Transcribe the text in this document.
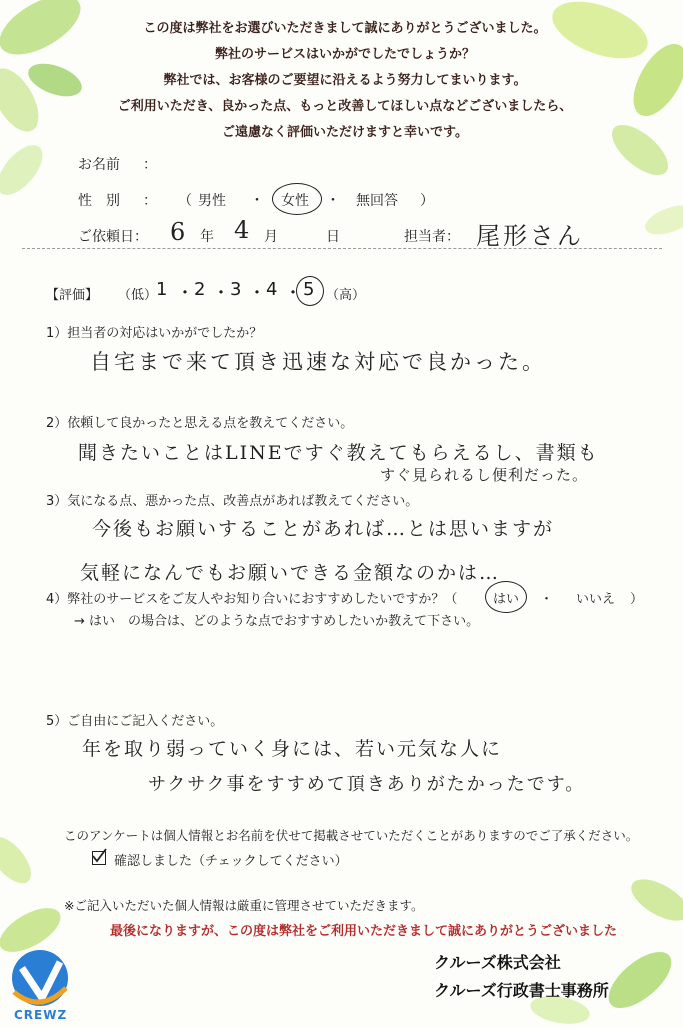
この度は弊社をお選びいただきまして誠にありがとうございました。
弊社のサービスはいかがでしたでしょうか？
弊社では、お客様のご要望に沿えるよう努力してまいります。
ご利用いただき、良かった点、もっと改善してほしい点などございましたら、
ご遠慮なく評価いただけますと幸いです。
お名前 ：
性　別 ： （ 男性 ・ 女性 ・ 無回答 ）
ご依頼日： 6 年 4 月	日	担当者： 尾形さん
【評価】 （低）
1 ・ 2 ・ 3 ・ 4 ・ 5 （高）
1）担当者の対応はいかがでしたか？
自宅まで来て頂き迅速な対応で良かった。
2）依頼して良かったと思える点を教えてください。
聞きたいことはLINEですぐ教えてもらえるし、書類も
すぐ見られるし便利だった。
3）気になる点、悪かった点、改善点があれば教えてください。
今後もお願いすることがあれば…とは思いますが
気軽になんでもお願いできる金額なのかは…
4）弊社のサービスをご友人やお知り合いにおすすめしたいですか？（	はい ・ いいえ ）
→ はい　の場合は、どのような点でおすすめしたいか教えて下さい。
5）ご自由にご記入ください。
年を取り弱っていく身には、若い元気な人に
サクサク事をすすめて頂きありがたかったです。
このアンケートは個人情報とお名前を伏せて掲載させていただくことがありますのでご了承ください。
確認しました（チェックしてください）
※ご記入いただいた個人情報は厳重に管理させていただきます。
最後になりますが、この度は弊社をご利用いただきまして誠にありがとうございました
クルーズ株式会社
クルーズ行政書士事務所
CREWZ
